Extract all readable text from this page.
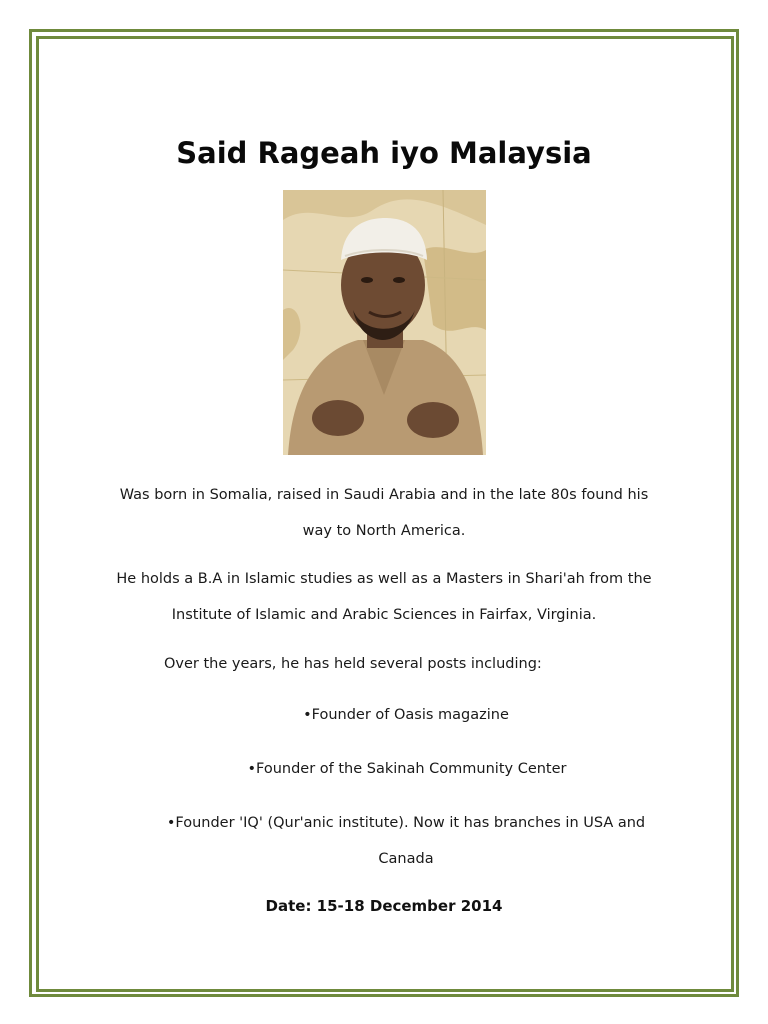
Said Rageah iyo Malaysia
Was born in Somalia, raised in Saudi Arabia and in the late 80s found his
way to North America.
He holds a B.A in Islamic studies as well as a Masters in Shari'ah from the
Institute of Islamic and Arabic Sciences in Fairfax, Virginia.
Over the years, he has held several posts including:
•Founder of Oasis magazine
•Founder of the Sakinah Community Center
•Founder 'IQ' (Qur'anic institute). Now it has branches in USA and
Canada
Date: 15-18 December 2014
